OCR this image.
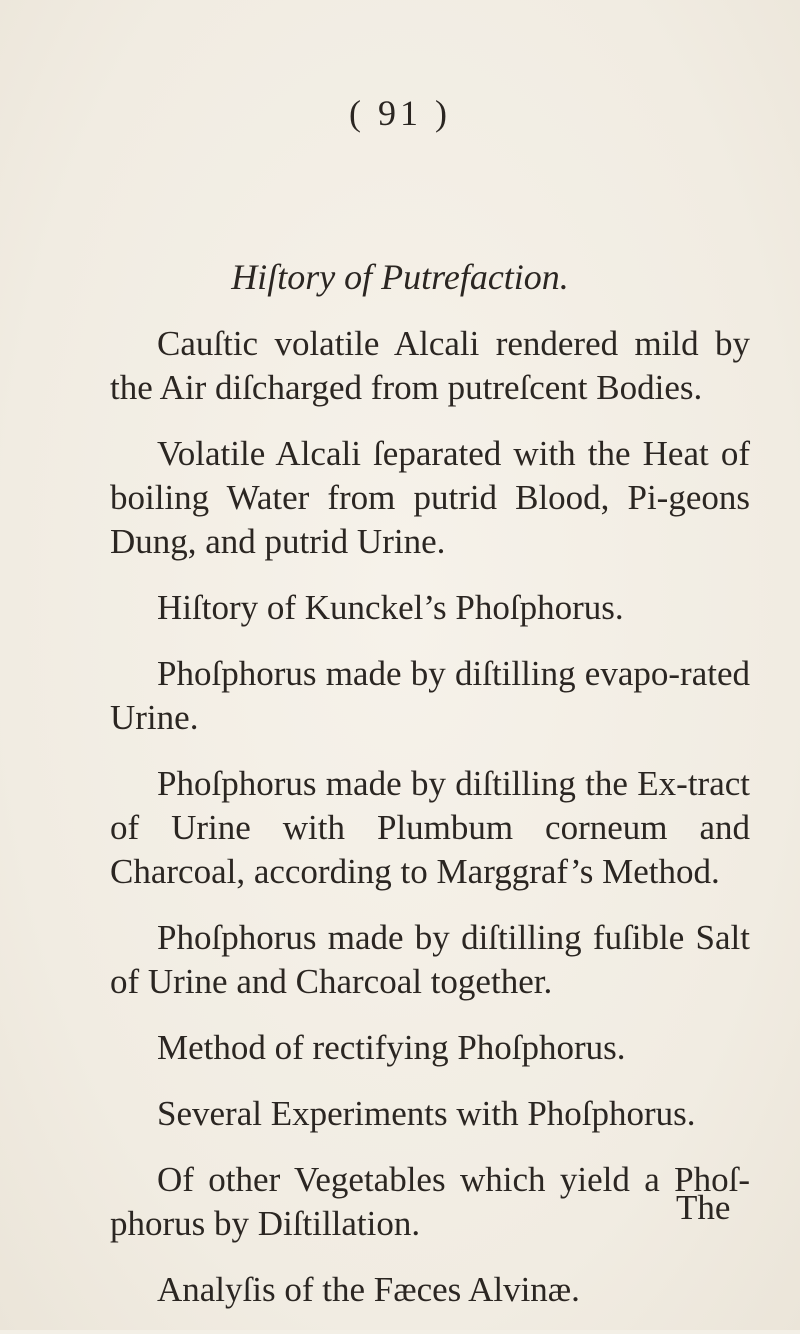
( 91 )
Hiſtory of Putrefaction.

Cauſtic volatile Alcali rendered mild by the Air diſcharged from putreſcent Bodies.

Volatile Alcali ſeparated with the Heat of boiling Water from putrid Blood, Pi-geons Dung, and putrid Urine.

Hiſtory of Kunckel’s Phoſphorus.

Phoſphorus made by diſtilling evapo-rated Urine.

Phoſphorus made by diſtilling the Ex-tract of Urine with Plumbum corneum and Charcoal, according to Marggraf’s Method.

Phoſphorus made by diſtilling fuſible Salt of Urine and Charcoal together.

Method of rectifying Phoſphorus.

Several Experiments with Phoſphorus.

Of other Vegetables which yield a Phoſ-phorus by Diſtillation.

Analyſis of the Fæces Alvinæ.

The
